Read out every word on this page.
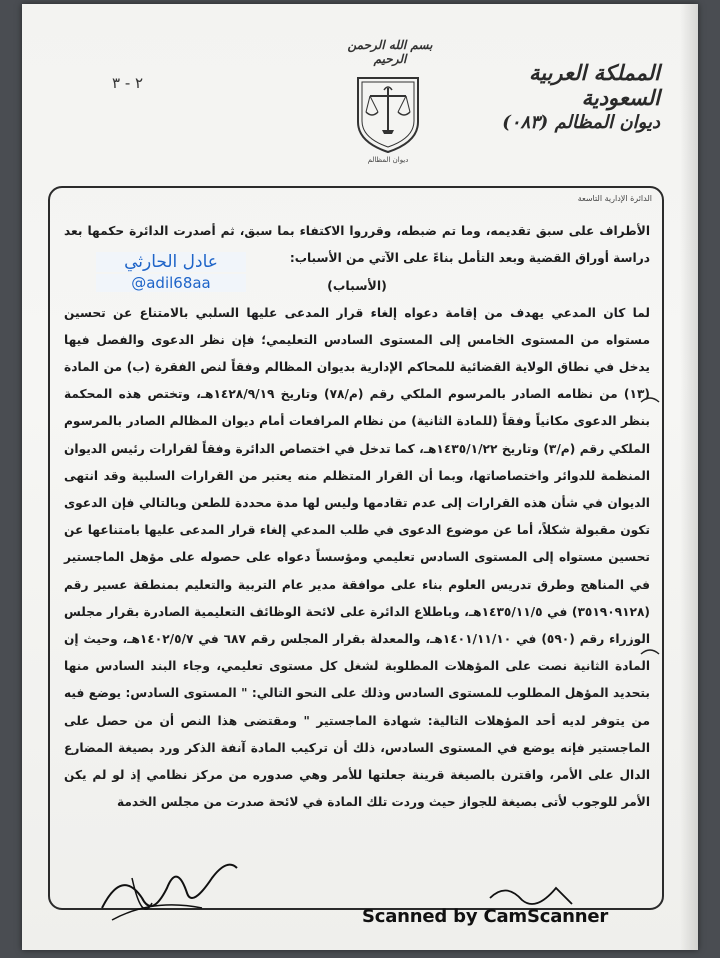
المملكة العربية السعودية
ديوان المظالم (٠٨٣)
٢ - ٣
بسم الله الرحمن الرحيم
ديوان المظالم
الدائرة الإدارية التاسعة

الأطراف على سبق تقديمه، وما تم ضبطه، وقرروا الاكتفاء بما سبق، ثم أصدرت الدائرة حكمها بعد دراسة أوراق القضية وبعد التأمل بناءً على الآتي من الأسباب:

(الأسباب)

لما كان المدعي يهدف من إقامة دعواه إلغاء قرار المدعى عليها السلبي بالامتناع عن تحسين مستواه من المستوى الخامس إلى المستوى السادس التعليمي؛ فإن نظر الدعوى والفصل فيها يدخل في نطاق الولاية القضائية للمحاكم الإدارية بديوان المظالم وفقاً لنص الفقرة (ب) من المادة (١٣) من نظامه الصادر بالمرسوم الملكي رقم (م/٧٨) وتاريخ ١٤٢٨/٩/١٩هـ، وتختص هذه المحكمة بنظر الدعوى مكانياً وفقاً (للمادة الثانية) من نظام المرافعات أمام ديوان المظالم الصادر بالمرسوم الملكي رقم (م/٣) وتاريخ ١٤٣٥/١/٢٢هـ، كما تدخل في اختصاص الدائرة وفقاً لقرارات رئيس الديوان المنظمة للدوائر واختصاصاتها، وبما أن القرار المتظلم منه يعتبر من القرارات السلبية وقد انتهى الديوان في شأن هذه القرارات إلى عدم تقادمها وليس لها مدة محددة للطعن وبالتالي فإن الدعوى تكون مقبولة شكلاً، أما عن موضوع الدعوى في طلب المدعي إلغاء قرار المدعى عليها بامتناعها عن تحسين مستواه إلى المستوى السادس تعليمي ومؤسساً دعواه على حصوله على مؤهل الماجستير في المناهج وطرق تدريس العلوم بناء على موافقة مدير عام التربية والتعليم بمنطقة عسير رقم (٣٥١٩٠٩١٢٨) في ١٤٣٥/١١/٥هـ، وباطلاع الدائرة على لائحة الوظائف التعليمية الصادرة بقرار مجلس الوزراء رقم (٥٩٠) في ١٤٠١/١١/١٠هـ، والمعدلة بقرار المجلس رقم ٦٨٧ في ١٤٠٢/٥/٧هـ، وحيث إن المادة الثانية نصت على المؤهلات المطلوبة لشغل كل مستوى تعليمي، وجاء البند السادس منها بتحديد المؤهل المطلوب للمستوى السادس وذلك على النحو التالي: " المستوى السادس: يوضع فيه من يتوفر لديه أحد المؤهلات التالية: شهادة الماجستير " ومقتضى هذا النص أن من حصل على الماجستير فإنه يوضع في المستوى السادس، ذلك أن تركيب المادة آنفة الذكر ورد بصيغة المضارع الدال على الأمر، واقترن بالصيغة قرينة جعلتها للأمر وهي صدوره من مركز نظامي إذ لو لم يكن الأمر للوجوب لأتى بصيغة للجواز حيث وردت تلك المادة في لائحة صدرت من مجلس الخدمة

عادل الحارثي
@adil68aa
Scanned by CamScanner
